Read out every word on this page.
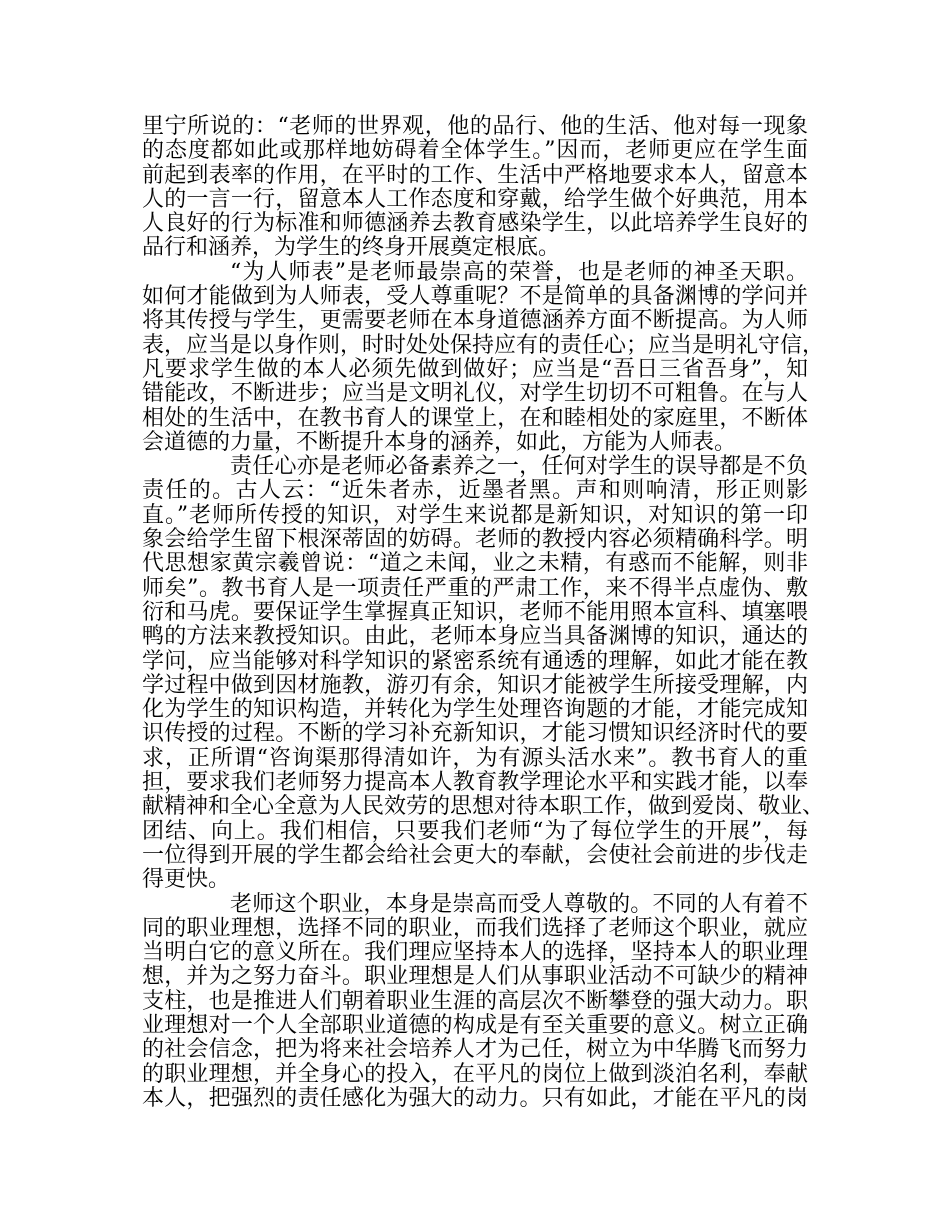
里宁所说的：“老师的世界观，他的品行、他的生活、他对每一现象
的态度都如此或那样地妨碍着全体学生。”因而，老师更应在学生面
前起到表率的作用，在平时的工作、生活中严格地要求本人，留意本
人的一言一行，留意本人工作态度和穿戴，给学生做个好典范，用本
人良好的行为标准和师德涵养去教育感染学生，以此培养学生良好的
品行和涵养，为学生的终身开展奠定根底。
“为人师表”是老师最崇高的荣誉，也是老师的神圣天职。
如何才能做到为人师表，受人尊重呢？不是简单的具备渊博的学问并
将其传授与学生，更需要老师在本身道德涵养方面不断提高。为人师
表，应当是以身作则，时时处处保持应有的责任心；应当是明礼守信，
凡要求学生做的本人必须先做到做好；应当是“吾日三省吾身”，知
错能改，不断进步；应当是文明礼仪，对学生切切不可粗鲁。在与人
相处的生活中，在教书育人的课堂上，在和睦相处的家庭里，不断体
会道德的力量，不断提升本身的涵养，如此，方能为人师表。
责任心亦是老师必备素养之一，任何对学生的误导都是不负
责任的。古人云：“近朱者赤，近墨者黑。声和则响清，形正则影
直。”老师所传授的知识，对学生来说都是新知识，对知识的第一印
象会给学生留下根深蒂固的妨碍。老师的教授内容必须精确科学。明
代思想家黄宗羲曾说：“道之未闻，业之未精，有惑而不能解，则非
师矣”。教书育人是一项责任严重的严肃工作，来不得半点虚伪、敷
衍和马虎。要保证学生掌握真正知识，老师不能用照本宣科、填塞喂
鸭的方法来教授知识。由此，老师本身应当具备渊博的知识，通达的
学问，应当能够对科学知识的紧密系统有通透的理解，如此才能在教
学过程中做到因材施教，游刃有余，知识才能被学生所接受理解，内
化为学生的知识构造，并转化为学生处理咨询题的才能，才能完成知
识传授的过程。不断的学习补充新知识，才能习惯知识经济时代的要
求，正所谓“咨询渠那得清如许，为有源头活水来”。教书育人的重
担，要求我们老师努力提高本人教育教学理论水平和实践才能，以奉
献精神和全心全意为人民效劳的思想对待本职工作，做到爱岗、敬业、
团结、向上。我们相信，只要我们老师“为了每位学生的开展”，每
一位得到开展的学生都会给社会更大的奉献，会使社会前进的步伐走
得更快。
老师这个职业，本身是崇高而受人尊敬的。不同的人有着不
同的职业理想，选择不同的职业，而我们选择了老师这个职业，就应
当明白它的意义所在。我们理应坚持本人的选择，坚持本人的职业理
想，并为之努力奋斗。职业理想是人们从事职业活动不可缺少的精神
支柱，也是推进人们朝着职业生涯的高层次不断攀登的强大动力。职
业理想对一个人全部职业道德的构成是有至关重要的意义。树立正确
的社会信念，把为将来社会培养人才为己任，树立为中华腾飞而努力
的职业理想，并全身心的投入，在平凡的岗位上做到淡泊名利，奉献
本人，把强烈的责任感化为强大的动力。只有如此，才能在平凡的岗
